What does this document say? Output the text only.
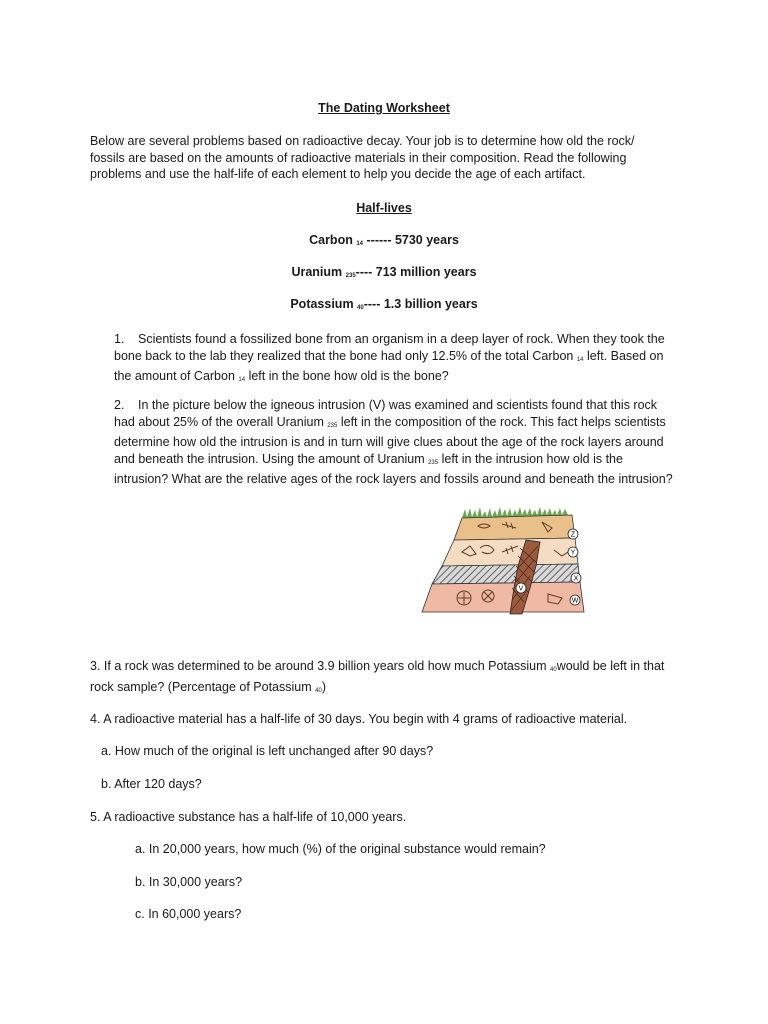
The Dating Worksheet

Below are several problems based on radioactive decay. Your job is to determine how old the rock/
fossils are based on the amounts of radioactive materials in their composition. Read the following
problems and use the half-life of each element to help you decide the age of each artifact.

Half-lives

Carbon 14 ------ 5730 years

Uranium 235---- 713 million years

Potassium 40---- 1.3 billion years

1. Scientists found a fossilized bone from an organism in a deep layer of rock. When they took the
bone back to the lab they realized that the bone had only 12.5% of the total Carbon 14 left. Based on
the amount of Carbon 14 left in the bone how old is the bone?
2. In the picture below the igneous intrusion (V) was examined and scientists found that this rock
had about 25% of the overall Uranium 235 left in the composition of the rock. This fact helps scientists
determine how old the intrusion is and in turn will give clues about the age of the rock layers around
and beneath the intrusion. Using the amount of Uranium 235 left in the intrusion how old is the
intrusion? What are the relative ages of the rock layers and fossils around and beneath the intrusion?
Z
Y
X
W
V
3. If a rock was determined to be around 3.9 billion years old how much Potassium 40would be left in that
rock sample? (Percentage of Potassium 40)

4. A radioactive material has a half-life of 30 days. You begin with 4 grams of radioactive material.

a. How much of the original is left unchanged after 90 days?

b. After 120 days?

5. A radioactive substance has a half-life of 10,000 years.

a. In 20,000 years, how much (%) of the original substance would remain?

b. In 30,000 years?

c. In 60,000 years?
